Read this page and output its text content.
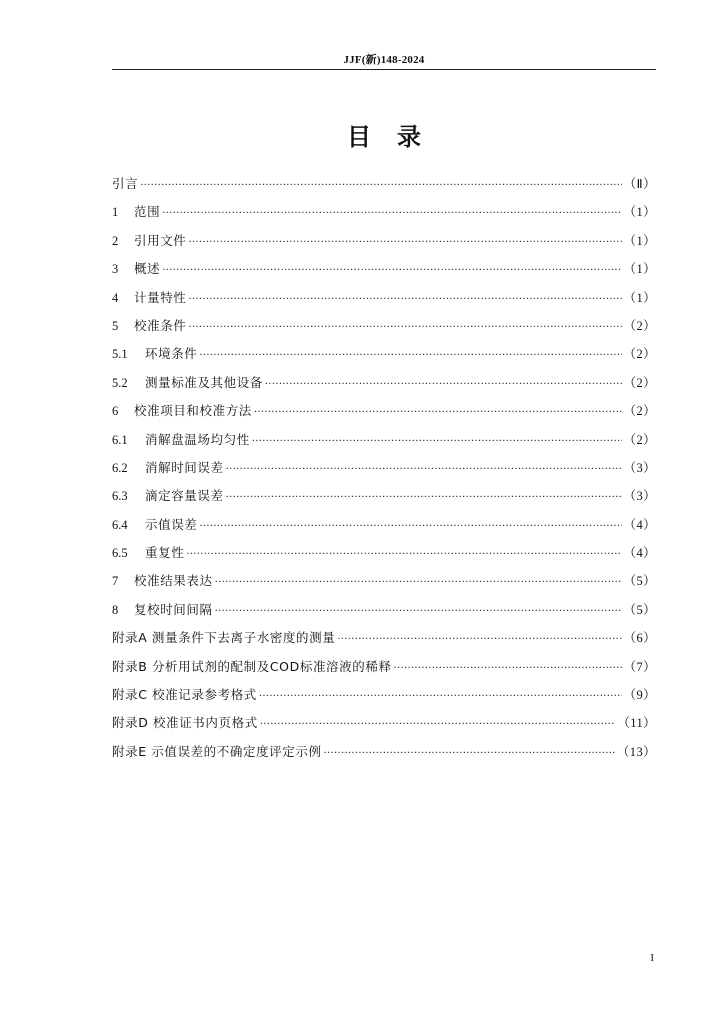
JJF(新)148-2024
目录
引言 ·····	（Ⅱ）
1	范围 ·····	（1）
2	引用文件 ·····	（1）
3	概述 ·····	（1）
4	计量特性 ·····	（1）
5	校准条件 ·····	（2）
5.1	环境条件 ·····	（2）
5.2	测量标准及其他设备 ·····	（2）
6	校准项目和校准方法 ·····	（2）
6.1	消解盘温场均匀性 ·····	（2）
6.2	消解时间误差 ·····	（3）
6.3	滴定容量误差 ·····	（3）
6.4	示值误差 ·····	（4）
6.5	重复性 ·····	（4）
7	校准结果表达 ·····	（5）
8	复校时间间隔 ·····	（5）
附录A 测量条件下去离子水密度的测量 ·····	（6）
附录B 分析用试剂的配制及COD标准溶液的稀释 ·····	（7）
附录C 校准记录参考格式 ·····	（9）
附录D 校准证书内页格式 ·····	（11）
附录E 示值误差的不确定度评定示例 ·····	（13）
I
